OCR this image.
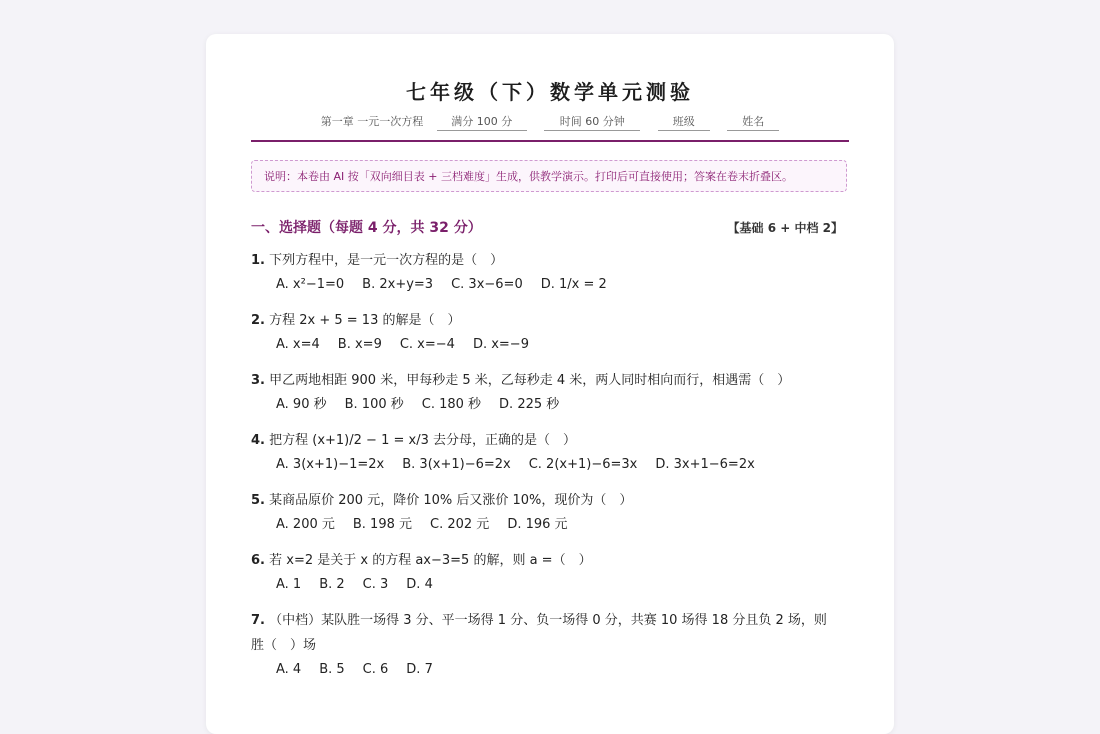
七年级（下）数学单元测验
第一章 一元一次方程	满分 100 分	时间 60 分钟	班级	姓名
说明：本卷由 AI 按「双向细目表 + 三档难度」生成，供教学演示。打印后可直接使用；答案在卷末折叠区。
一、选择题（每题 4 分，共 32 分）	【基础 6 + 中档 2】
1. 下列方程中，是一元一次方程的是（　）
A. x²−1=0 B. 2x+y=3 C. 3x−6=0 D. 1/x = 2
2. 方程 2x + 5 = 13 的解是（　）
A. x=4 B. x=9 C. x=−4 D. x=−9
3. 甲乙两地相距 900 米，甲每秒走 5 米，乙每秒走 4 米，两人同时相向而行，相遇需（　）
A. 90 秒 B. 100 秒 C. 180 秒 D. 225 秒
4. 把方程 (x+1)/2 − 1 = x/3 去分母，正确的是（　）
A. 3(x+1)−1=2x B. 3(x+1)−6=2x C. 2(x+1)−6=3x D. 3x+1−6=2x
5. 某商品原价 200 元，降价 10% 后又涨价 10%，现价为（　）
A. 200 元 B. 198 元 C. 202 元 D. 196 元
6. 若 x=2 是关于 x 的方程 ax−3=5 的解，则 a =（　）
A. 1 B. 2 C. 3 D. 4
7. （中档）某队胜一场得 3 分、平一场得 1 分、负一场得 0 分，共赛 10 场得 18 分且负 2 场，则胜（　）场
A. 4 B. 5 C. 6 D. 7
